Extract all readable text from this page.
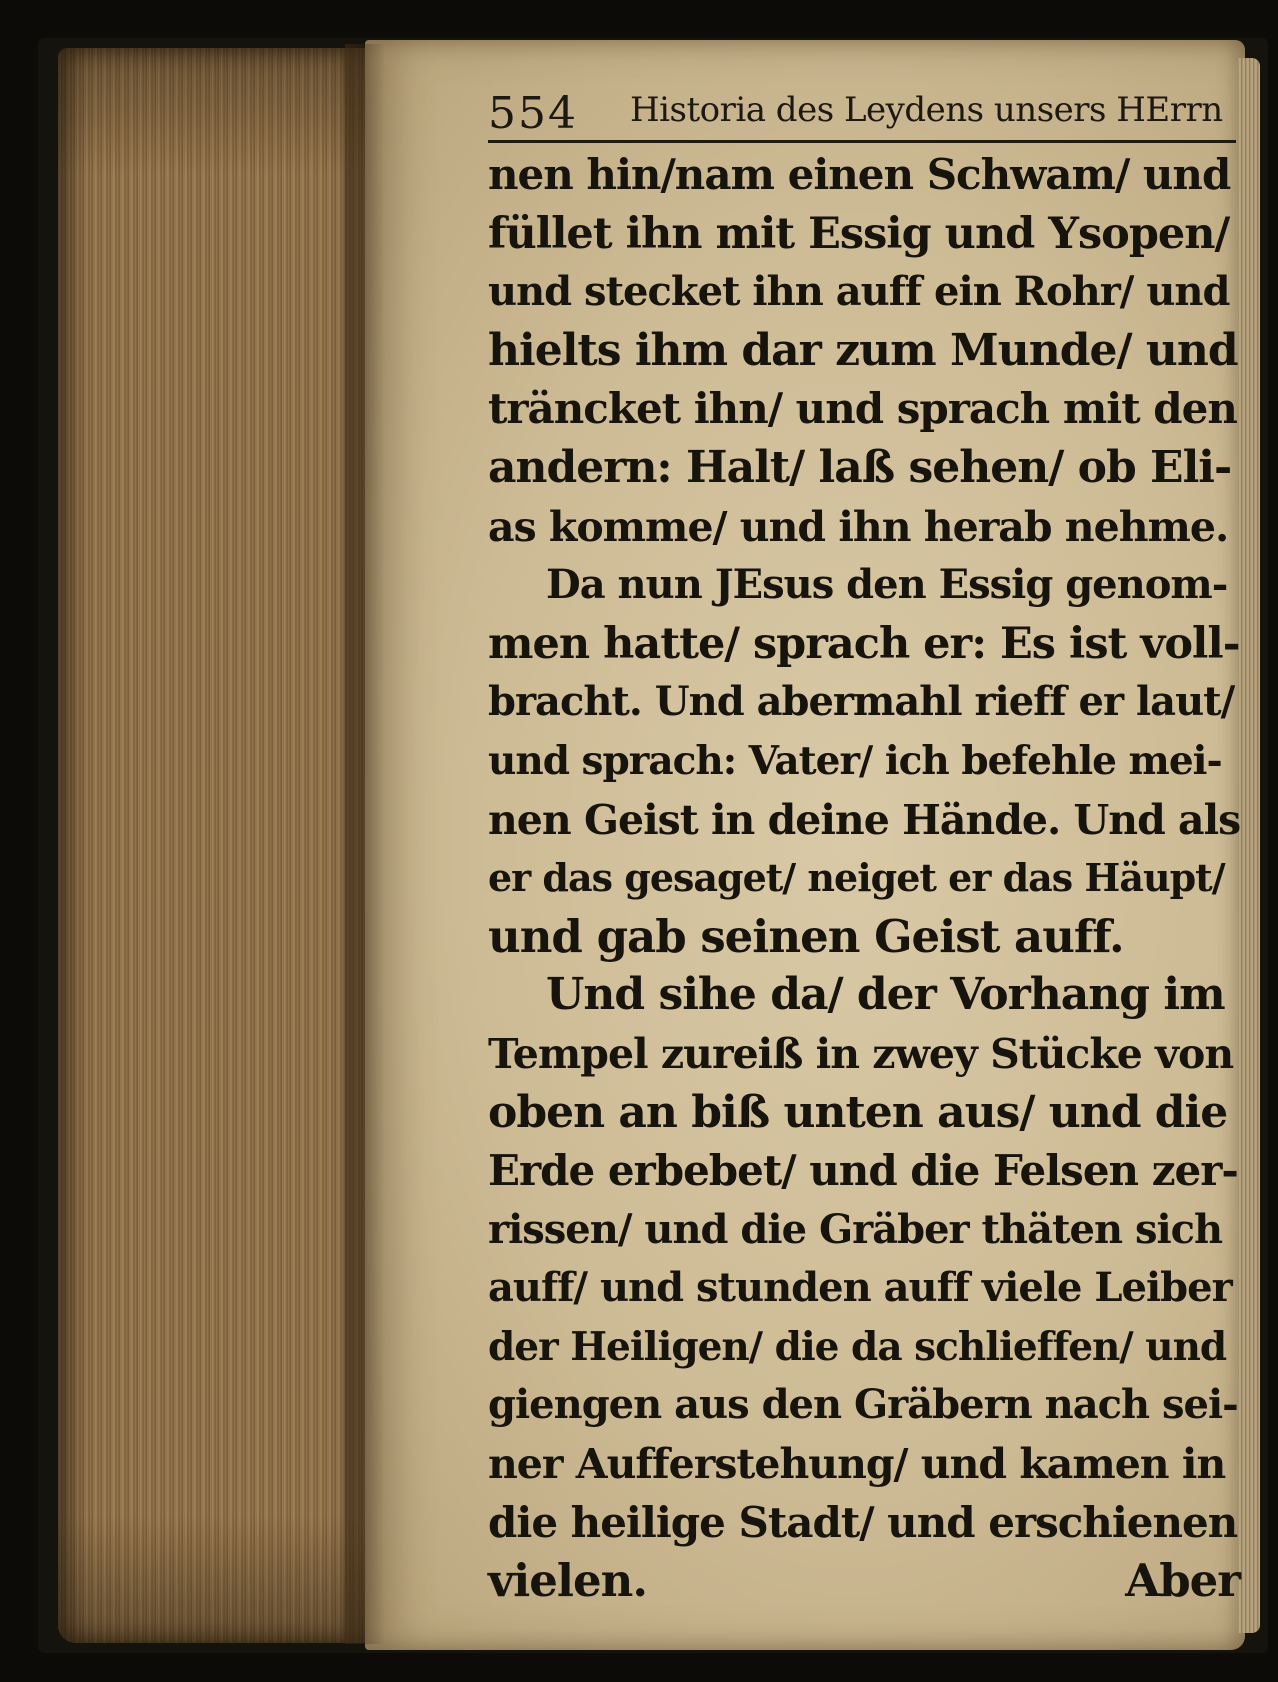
554 Historia des Leydens unsers HErrn
nen hin/nam einen Schwam/ und
füllet ihn mit Essig und Ysopen/
und stecket ihn auff ein Rohr/ und
hielts ihm dar zum Munde/ und
träncket ihn/ und sprach mit den
andern: Halt/ laß sehen/ ob Eli-
as komme/ und ihn herab nehme.
Da nun JEsus den Essig genom-
men hatte/ sprach er: Es ist voll-
bracht. Und abermahl rieff er laut/
und sprach: Vater/ ich befehle mei-
nen Geist in deine Hände. Und als
er das gesaget/ neiget er das Häupt/
und gab seinen Geist auff.
Und sihe da/ der Vorhang im
Tempel zureiß in zwey Stücke von
oben an biß unten aus/ und die
Erde erbebet/ und die Felsen zer-
rissen/ und die Gräber thäten sich
auff/ und stunden auff viele Leiber
der Heiligen/ die da schlieffen/ und
giengen aus den Gräbern nach sei-
ner Aufferstehung/ und kamen in
die heilige Stadt/ und erschienen
vielen.	Aber
